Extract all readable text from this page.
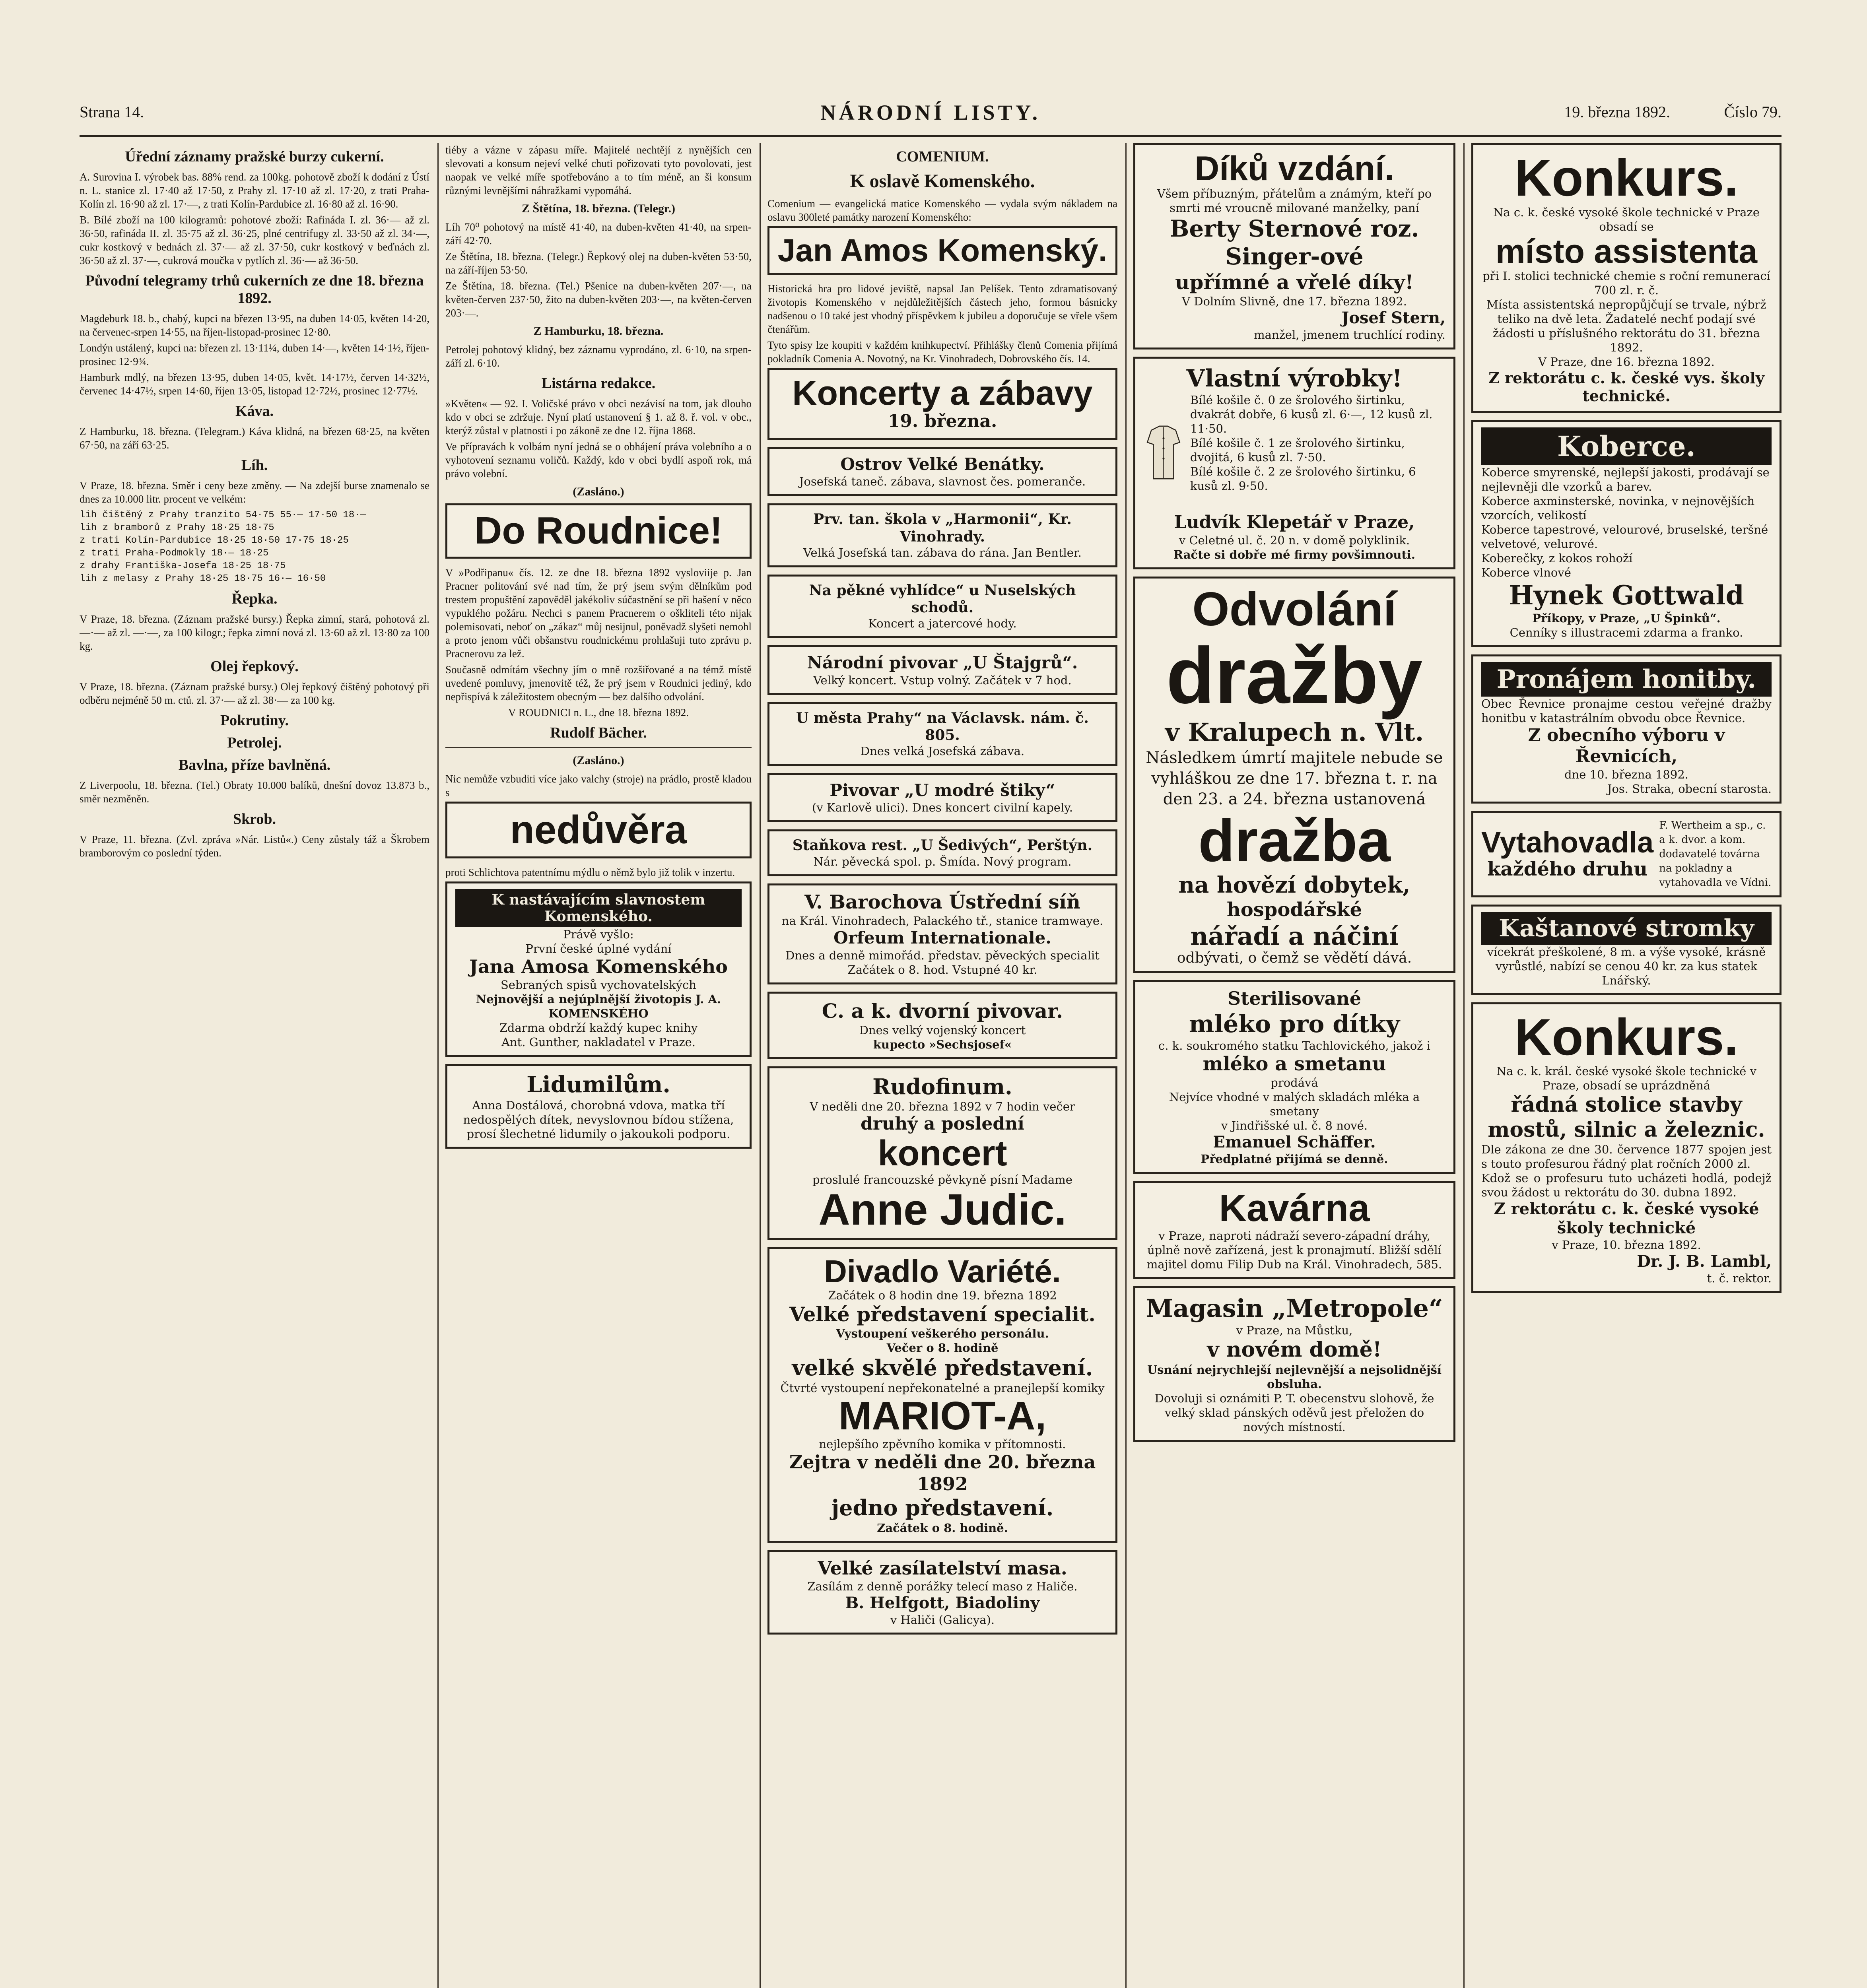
Strana 14.	NÁRODNÍ LISTY.	19. března 1892.	Číslo 79.
Úřední záznamy pražské burzy cukerní.

A. Surovina I. výrobek bas. 88% rend. za 100kg. pohotově zboží k dodání z Ústí n. L. stanice zl. 17·40 až 17·50, z Prahy zl. 17·10 až zl. 17·20, z trati Praha-Kolín zl. 16·90 až zl. 17·—, z trati Kolín-Pardubice zl. 16·80 až zl. 16·90.

B. Bílé zboží na 100 kilogramů: pohotové zboží: Rafináda I. zl. 36·— až zl. 36·50, rafináda II. zl. 35·75 až zl. 36·25, plné centrifugy zl. 33·50 až zl. 34·—, cukr kostkový v bednách zl. 37·— až zl. 37·50, cukr kostkový v beďnách zl. 36·50 až zl. 37·—, cukrová moučka v pytlích zl. 36·— až 36·50.

Původní telegramy trhů cukerních ze dne 18. března 1892.

Magdeburk 18. b., chabý, kupci na březen 13·95, na duben 14·05, květen 14·20, na červenec-srpen 14·55, na říjen-listopad-prosinec 12·80.

Londýn ustálený, kupci na: březen zl. 13·11¼, duben 14·—, květen 14·1½, říjen-prosinec 12·9¾.

Hamburk mdlý, na březen 13·95, duben 14·05, květ. 14·17½, červen 14·32½, červenec 14·47½, srpen 14·60, říjen 13·05, listopad 12·72½, prosinec 12·77½.

Káva.

Z Hamburku, 18. března. (Telegram.) Káva klidná, na březen 68·25, na květen 67·50, na září 63·25.

Líh.

V Praze, 18. března. Směr i ceny beze změny. — Na zdejší burse znamenalo se dnes za 10.000 litr. procent ve velkém:

lih čištěný z Prahy tranzito 54·75 55·— 17·50 18·—
lih z bramborů z Prahy 18·25 18·75
z trati Kolín-Pardubice 18·25 18·50 17·75 18·25
z trati Praha-Podmokly 18·— 18·25
z drahy Františka-Josefa 18·25 18·75
lih z melasy z Prahy 18·25 18·75 16·— 16·50
Řepka.

V Praze, 18. března. (Záznam pražské bursy.) Řepka zimní, stará, pohotová zl. —·— až zl. —·—, za 100 kilogr.; řepka zimní nová zl. 13·60 až zl. 13·80 za 100 kg.

Olej řepkový.

V Praze, 18. března. (Záznam pražské bursy.) Olej řepkový čištěný pohotový při odběru nejméně 50 m. ctů. zl. 37·— až zl. 38·— za 100 kg.

Pokrutiny.
Petrolej.
Bavlna, příze bavlněná.

Z Liverpoolu, 18. března. (Tel.) Obraty 10.000 balíků, dnešní dovoz 13.873 b., směr nezměněn.

Skrob.

V Praze, 11. března. (Zvl. zpráva »Nár. Listů«.) Ceny zůstaly táž a Škrobem bramborovým co poslední týden.

tiéby a vázne v zápasu míře. Majitelé nechtějí z nynějších cen slevovati a konsum nejeví velké chuti pořizovati tyto povolovati, jest naopak ve velké míře spotřebováno a to tím méně, an ši konsum různými levnějšími náhražkami vypomáhá.

Z Štětína, 18. března. (Telegr.)

Líh 70⁰ pohotový na místě 41·40, na duben-květen 41·40, na srpen-září 42·70.

Ze Štětína, 18. března. (Telegr.) Řepkový olej na duben-květen 53·50, na září-říjen 53·50.

Ze Štětína, 18. března. (Tel.) Pšenice na duben-květen 207·—, na květen-červen 237·50, žito na duben-květen 203·—, na květen-červen 203·—.

Z Hamburku, 18. března.

Petrolej pohotový klidný, bez záznamu vyprodáno, zl. 6·10, na srpen-září zl. 6·10.

Listárna redakce.

»Květen« — 92. I. Voličské právo v obci nezávisí na tom, jak dlouho kdo v obci se zdržuje. Nyní platí ustanovení § 1. až 8. ř. vol. v obc., kterýž zůstal v platnosti i po zákoně ze dne 12. října 1868.

Ve přípravách k volbám nyní jedná se o obhájení práva volebního a o vyhotovení seznamu voličů. Každý, kdo v obci bydlí aspoň rok, má právo volební.

(Zasláno.)
Do Roudnice!

V »Podřipanu« čís. 12. ze dne 18. března 1892 vysloviije p. Jan Pracner politování své nad tím, že prý jsem svým dělníkům pod trestem propuštění zapověděl jakékoliv súčastnění se při hašení v něco vypuklého požáru. Nechci s panem Pracnerem o oškliteli této nijak polemisovati, neboť on „zákaz“ můj nesijnul, poněvadž slyšeti nemohl a proto jenom vůči obšanstvu roudnickému prohlašuji tuto zprávu p. Pracnerovu za lež.

Současně odmítám všechny jím o mně rozšiřované a na témž místě uvedené pomluvy, jmenovitě též, že prý jsem v Roudnici jediný, kdo nepřispívá k záležitostem obecným — bez dalšího odvolání.

V ROUDNICI n. L., dne 18. března 1892.

Rudolf Bächer.
(Zasláno.)

Nic nemůže vzbuditi více jako valchy (stroje) na prádlo, prostě kladou s

nedůvěra

proti Schlichtova patentnímu mýdlu o němž bylo již tolik v inzertu.

K nastávajícím slavnostem Komenského.
Právě vyšlo:
První české úplné vydání
Jana Amosa Komenského
Sebraných spisů vychovatelských
Nejnovější a nejúplnější životopis J. A. KOMENSKÉHO
Zdarma obdrží každý kupec knihy
Ant. Gunther, nakladatel v Praze.
Lidumilům.
Anna Dostálová, chorobná vdova, matka tří nedospělých dítek, nevyslovnou bídou stížena, prosí šlechetné lidumily o jakoukoli podporu.
COMENIUM.
K oslavě Komenského.

Comenium — evangelická matice Komenského — vydala svým nákladem na oslavu 300leté památky narození Komenského:

Jan Amos Komenský.

Historická hra pro lidové jeviště, napsal Jan Pelíšek. Tento zdramatisovaný životopis Komenského v nejdůležitějších částech jeho, formou básnicky nadšenou o 10 také jest vhodný příspěvkem k jubileu a doporučuje se vřele všem čtenářům.

Tyto spisy lze koupiti v každém knihkupectví. Přihlášky členů Comenia přijímá pokladník Comenia A. Novotný, na Kr. Vinohradech, Dobrovského čís. 14.

Koncerty a zábavy
19. března.
Ostrov Velké Benátky.
Josefská taneč. zábava, slavnost čes. pomeranče.
Prv. tan. škola v „Harmonii“, Kr. Vinohrady.
Velká Josefská tan. zábava do rána. Jan Bentler.
Na pěkné vyhlídce“ u Nuselských schodů.
Koncert a jatercové hody.
Národní pivovar „U Štajgrů“.
Velký koncert. Vstup volný. Začátek v 7 hod.
U města Prahy“ na Václavsk. nám. č. 805.
Dnes velká Josefská zábava.
Pivovar „U modré štiky“
(v Karlově ulici). Dnes koncert civilní kapely.
Staňkova rest. „U Šedivých“, Perštýn.
Nár. pěvecká spol. p. Šmída. Nový program.
V. Barochova Ústřední síň
na Král. Vinohradech, Palackého tř., stanice tramwaye.
Orfeum Internationale.
Dnes a denně mimořád. představ. pěveckých specialit
Začátek o 8. hod. Vstupné 40 kr.
C. a k. dvorní pivovar.
Dnes velký vojenský koncert
kupecto »Sechsjosef«
Rudofinum.
V neděli dne 20. března 1892 v 7 hodin večer
druhý a poslední
koncert
proslulé francouzské pěvkyně písní Madame
Anne Judic.
Divadlo Variété.
Začátek o 8 hodin dne 19. března 1892
Velké představení specialit.
Vystoupení veškerého personálu.
Večer o 8. hodině
velké skvělé představení.
Čtvrté vystoupení nepřekonatelné a pranejlepší komiky
MARIOT-A,
nejlepšího zpěvního komika v přítomnosti.
Zejtra v neděli dne 20. března 1892
jedno představení.
Začátek o 8. hodině.
Velké zasílatelství masa.
Zasílám z denně porážky telecí maso z Haliče.
B. Helfgott, Biadoliny
v Haliči (Galicya).
Díků vzdání.
Všem příbuzným, přátelům a známým, kteří po smrti mé vroucně milované manželky, paní
Berty Sternové roz. Singer-ové
upřímné a vřelé díky!
V Dolním Slivně, dne 17. března 1892.
Josef Stern,
manžel, jmenem truchlící rodiny.
Vlastní výrobky!
Bílé košile č. 0 ze šrolového širtinku, dvakrát dobře, 6 kusů zl. 6·—, 12 kusů zl. 11·50.
Bílé košile č. 1 ze šrolového širtinku, dvojitá, 6 kusů zl. 7·50.
Bílé košile č. 2 ze šrolového širtinku, 6 kusů zl. 9·50.
Ludvík Klepetář v Praze,
v Celetné ul. č. 20 n. v domě polyklinik.
Račte si dobře mé firmy povšimnouti.
Odvolání
dražby
v Kralupech n. Vlt.
Následkem úmrtí majitele nebude se vyhláškou ze dne 17. března t. r. na den 23. a 24. března ustanovená
dražba
na hovězí dobytek,
hospodářské
nářadí a náčiní
odbývati, o čemž se vědětí dává.
Sterilisované
mléko pro dítky
c. k. soukromého statku Tachlovického, jakož i
mléko a smetanu
prodává
Nejvíce vhodné v malých skladách mléka a smetany
v Jindřišské ul. č. 8 nové.
Emanuel Schäffer.
Předplatné přijímá se denně.
Kavárna
v Praze, naproti nádraží severo-západní dráhy, úplně nově zařízená, jest k pronajmutí. Bližší sdělí majitel domu Filip Dub na Král. Vinohradech, 585.
Magasin „Metropole“
v Praze, na Můstku,
v novém domě!
Usnání nejrychlejší nejlevnější a nejsolidnější obsluha.
Dovoluji si oznámiti P. T. obecenstvu slohově, že velký sklad pánských oděvů jest přeložen do nových místností.
Konkurs.
Na c. k. české vysoké škole technické v Praze obsadí se
místo assistenta
při I. stolici technické chemie s roční remunerací 700 zl. r. č.
Místa assistentská nepropůjčují se trvale, nýbrž teliko na dvě leta. Žadatelé nechť podají své žádosti u příslušného rektorátu do 31. března 1892.
V Praze, dne 16. března 1892.
Z rektorátu c. k. české vys. školy technické.
Koberce.
Koberce smyrenské, nejlepší jakosti, prodávají se nejlevněji dle vzorků a barev.
Koberce axminsterské, novinka, v nejnovějších vzorcích, velikostí
Koberce tapestrové, velourové, bruselské, teršné velvetové, velurové.
Koberečky, z kokos rohoží
Koberce vlnové
Hynek Gottwald
Příkopy, v Praze, „U Špinků“.
Cenníky s illustracemi zdarma a franko.
Pronájem honitby.
Obec Řevnice pronajme cestou veřejné dražby honitbu v katastrálním obvodu obce Řevnice.
Z obecního výboru v Řevnicích,
dne 10. března 1892.
Jos. Straka, obecní starosta.
Vytahovadla
každého druhu
F. Wertheim a sp., c. a k. dvor. a kom. dodavatelé továrna na pokladny a vytahovadla ve Vídni.
Kaštanové stromky
vícekrát přeškolené, 8 m. a výše vysoké, krásně vyrůstlé, nabízí se cenou 40 kr. za kus statek Lnářský.
Konkurs.
Na c. k. král. české vysoké škole technické v Praze, obsadí se uprázdněná
řádná stolice stavby mostů, silnic a železnic.
Dle zákona ze dne 30. července 1877 spojen jest s touto profesurou řádný plat ročních 2000 zl.
Kdož se o profesuru tuto ucházeti hodlá, podejž svou žádost u rektorátu do 30. dubna 1892.
Z rektorátu c. k. české vysoké školy technické
v Praze, 10. března 1892.
Dr. J. B. Lambl,
t. č. rektor.
